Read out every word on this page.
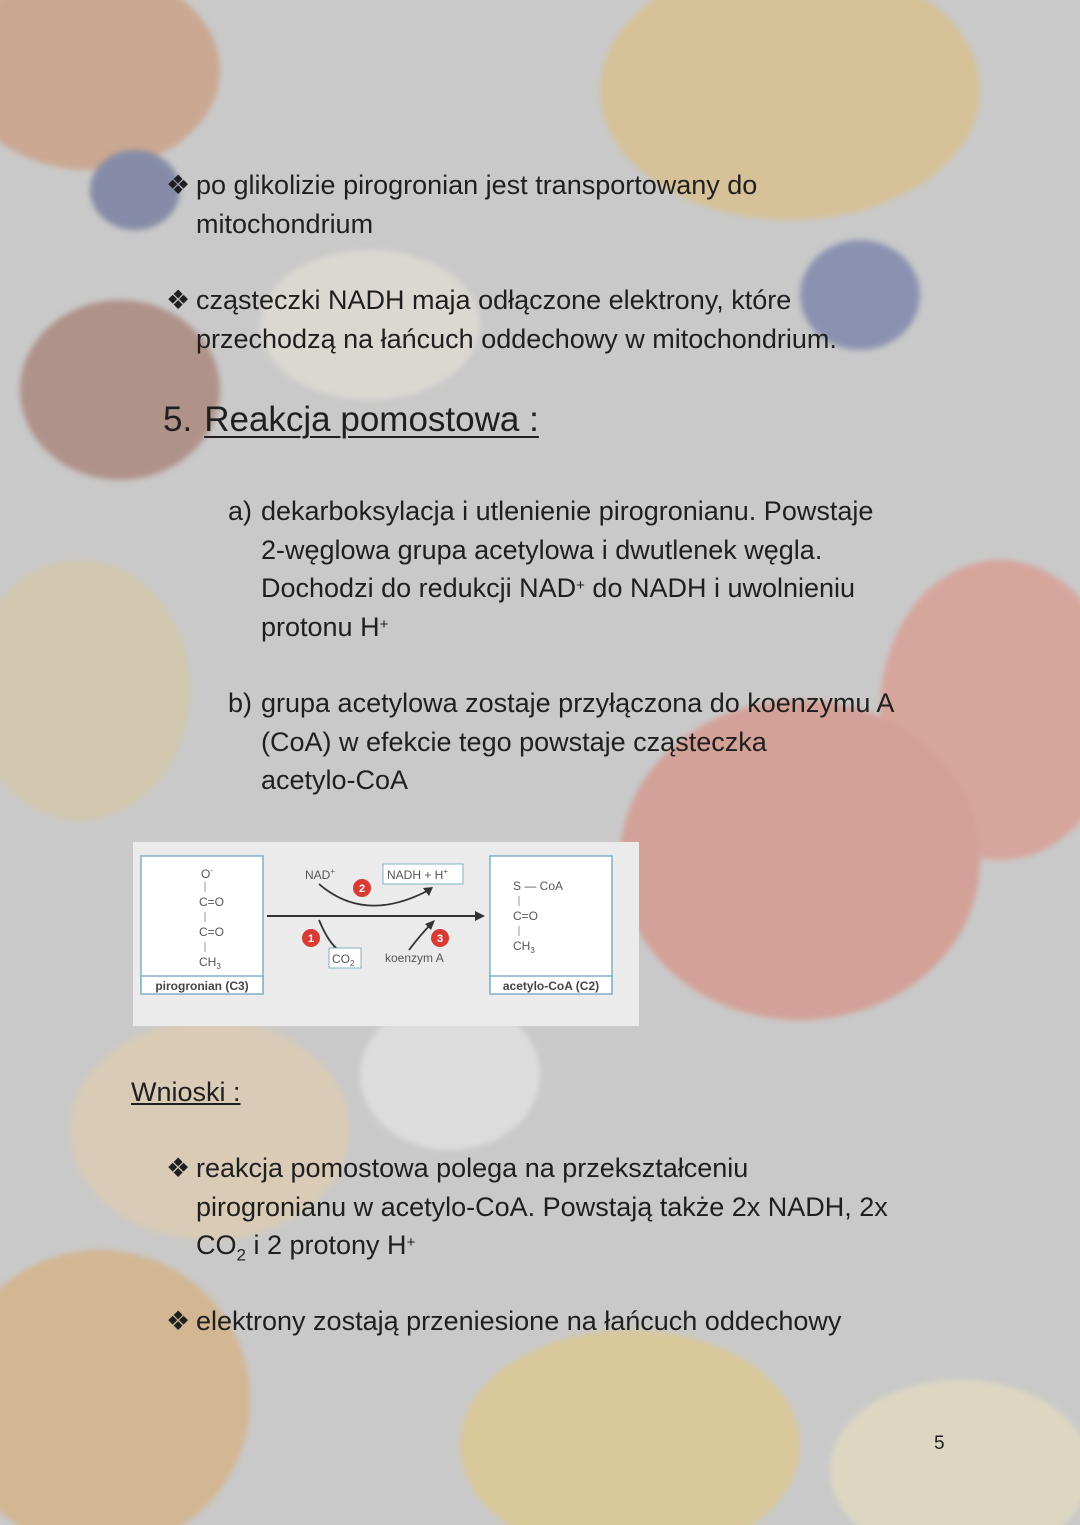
❖ po glikolizie pirogronian jest transportowany do
mitochondrium
❖ cząsteczki NADH maja odłączone elektrony, które
przechodzą na łańcuch oddechowy w mitochondrium.
5. Reakcja pomostowa :
a) dekarboksylacja i utlenienie pirogronianu. Powstaje
2-węglowa grupa acetylowa i dwutlenek węgla.
Dochodzi do redukcji NAD+ do NADH i uwolnieniu
protonu H+
b) grupa acetylowa zostaje przyłączona do koenzymu A
(CoA) w efekcie tego powstaje cząsteczka
acetylo-CoA
O-
C=O
C=O
$CH_3$
pirogronian (C3)
S — CoA
C=O
$CH_3$
acetylo-CoA (C2)
NAD+	NADH + H+
$CO_2$	koenzym A
1
2
3
Wnioski :
❖ reakcja pomostowa polega na przekształceniu
pirogronianu w acetylo-CoA. Powstają także 2x NADH, 2x
$CO_2$ i 2 protony H+
❖ elektrony zostają przeniesione na łańcuch oddechowy
5
